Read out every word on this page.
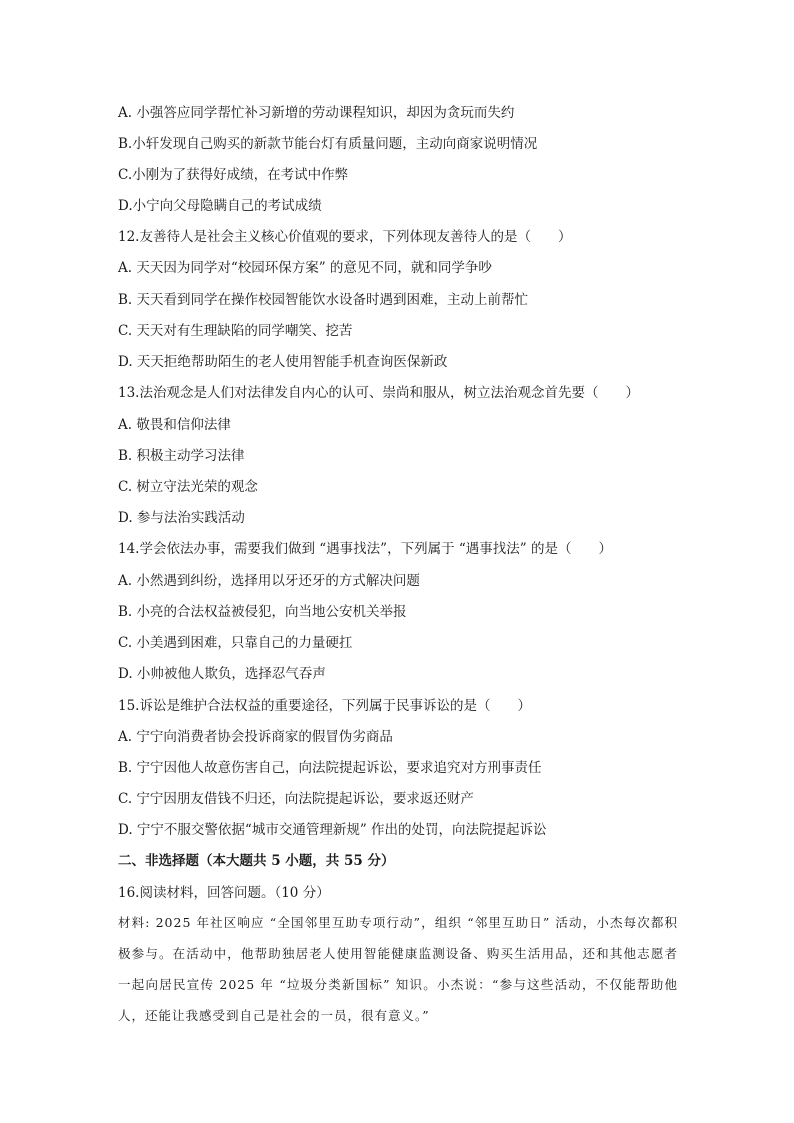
A. 小强答应同学帮忙补习新增的劳动课程知识，却因为贪玩而失约
B.小轩发现自己购买的新款节能台灯有质量问题，主动向商家说明情况
C.小刚为了获得好成绩，在考试中作弊
D.小宁向父母隐瞒自己的考试成绩
12.友善待人是社会主义核心价值观的要求，下列体现友善待人的是（　　）
A. 天天因为同学对“校园环保方案” 的意见不同，就和同学争吵
B. 天天看到同学在操作校园智能饮水设备时遇到困难，主动上前帮忙
C. 天天对有生理缺陷的同学嘲笑、挖苦
D. 天天拒绝帮助陌生的老人使用智能手机查询医保新政
13.法治观念是人们对法律发自内心的认可、崇尚和服从，树立法治观念首先要（　　）
A. 敬畏和信仰法律
B. 积极主动学习法律
C. 树立守法光荣的观念
D. 参与法治实践活动
14.学会依法办事，需要我们做到 “遇事找法”，下列属于 “遇事找法” 的是（　　）
A. 小然遇到纠纷，选择用以牙还牙的方式解决问题
B. 小亮的合法权益被侵犯，向当地公安机关举报
C. 小美遇到困难，只靠自己的力量硬扛
D. 小帅被他人欺负，选择忍气吞声
15.诉讼是维护合法权益的重要途径，下列属于民事诉讼的是（　　）
A. 宁宁向消费者协会投诉商家的假冒伪劣商品
B. 宁宁因他人故意伤害自己，向法院提起诉讼，要求追究对方刑事责任
C. 宁宁因朋友借钱不归还，向法院提起诉讼，要求返还财产
D. 宁宁不服交警依据“城市交通管理新规” 作出的处罚，向法院提起诉讼
二、非选择题（本大题共 5 小题，共 55 分）
16.阅读材料，回答问题。（10 分）
材料: 2025 年社区响应 “全国邻里互助专项行动”，组织 “邻里互助日” 活动，小杰每次都积极参与。在活动中，他帮助独居老人使用智能健康监测设备、购买生活用品，还和其他志愿者一起向居民宣传 2025 年 “垃圾分类新国标” 知识。小杰说：“参与这些活动，不仅能帮助他人，还能让我感受到自己是社会的一员，很有意义。”
